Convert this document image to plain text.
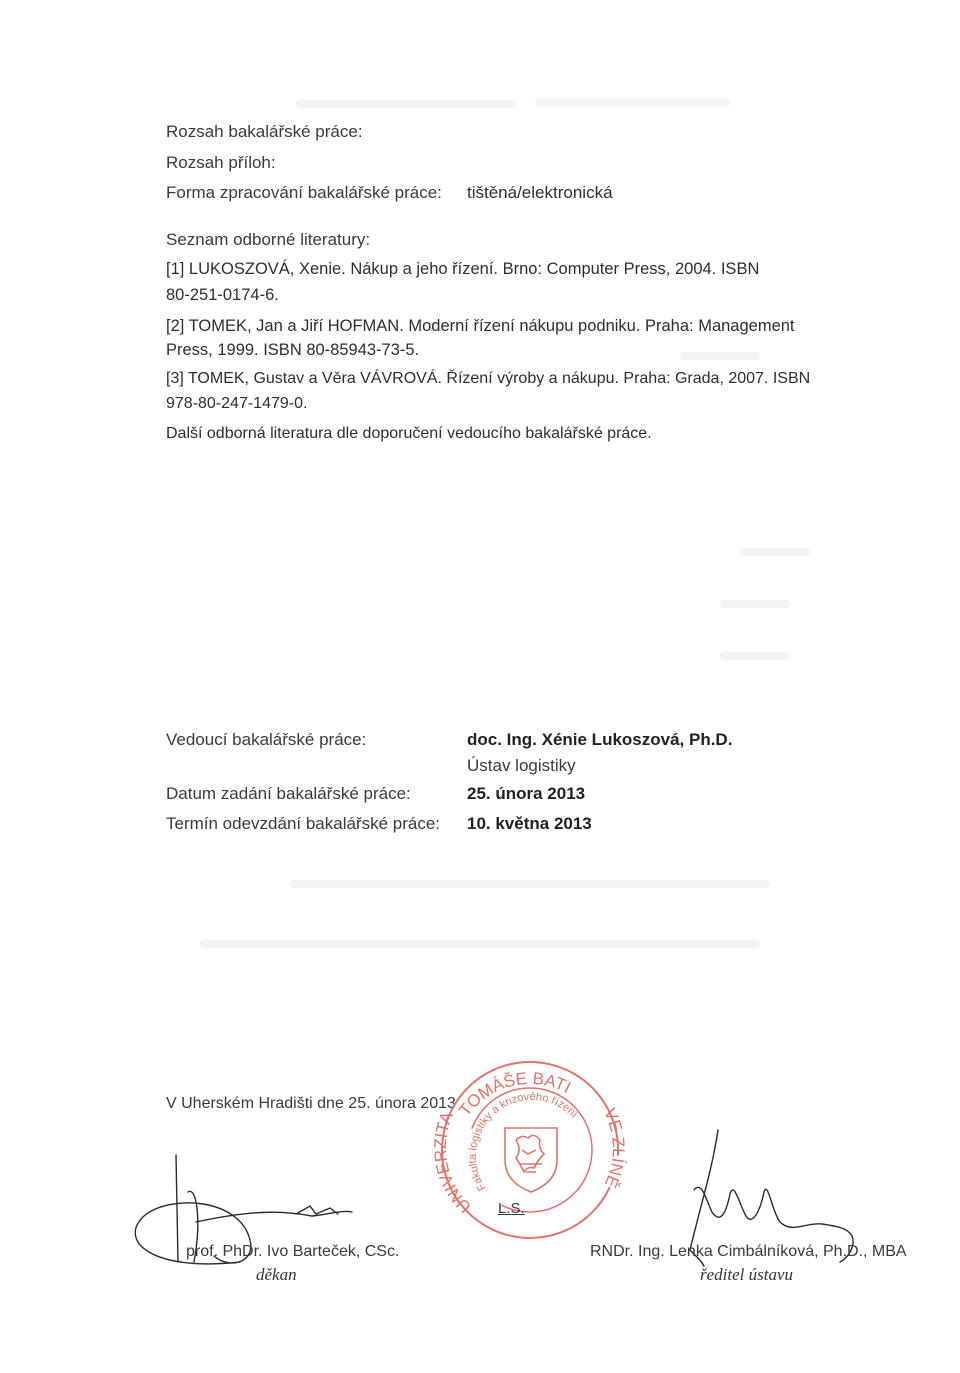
Rozsah bakalářské práce:
Rozsah příloh:
Forma zpracování bakalářské práce: tištěná/elektronická
Seznam odborné literatury:
[1] LUKOSZOVÁ, Xenie. Nákup a jeho řízení. Brno: Computer Press, 2004. ISBN
80-251-0174-6.
[2] TOMEK, Jan a Jiří HOFMAN. Moderní řízení nákupu podniku. Praha: Management
Press, 1999. ISBN 80-85943-73-5.
[3] TOMEK, Gustav a Věra VÁVROVÁ. Řízení výroby a nákupu. Praha: Grada, 2007. ISBN
978-80-247-1479-0.
Další odborná literatura dle doporučení vedoucího bakalářské práce.
Vedoucí bakalářské práce:	doc. Ing. Xénie Lukoszová, Ph.D.
Ústav logistiky
Datum zadání bakalářské práce:	25. února 2013
Termín odevzdání bakalářské práce: 10. května 2013
V Uherském Hradišti dne 25. února 2013 TOMÁŠE BATI
UNIVERZITA	VE ZLÍNĚ
Fakulta logistiky a krizového řízení
L.S.
prof. PhDr. Ivo Barteček, CSc.
děkan
RNDr. Ing. Lenka Cimbálníková, Ph.D., MBA
ředitel ústavu
